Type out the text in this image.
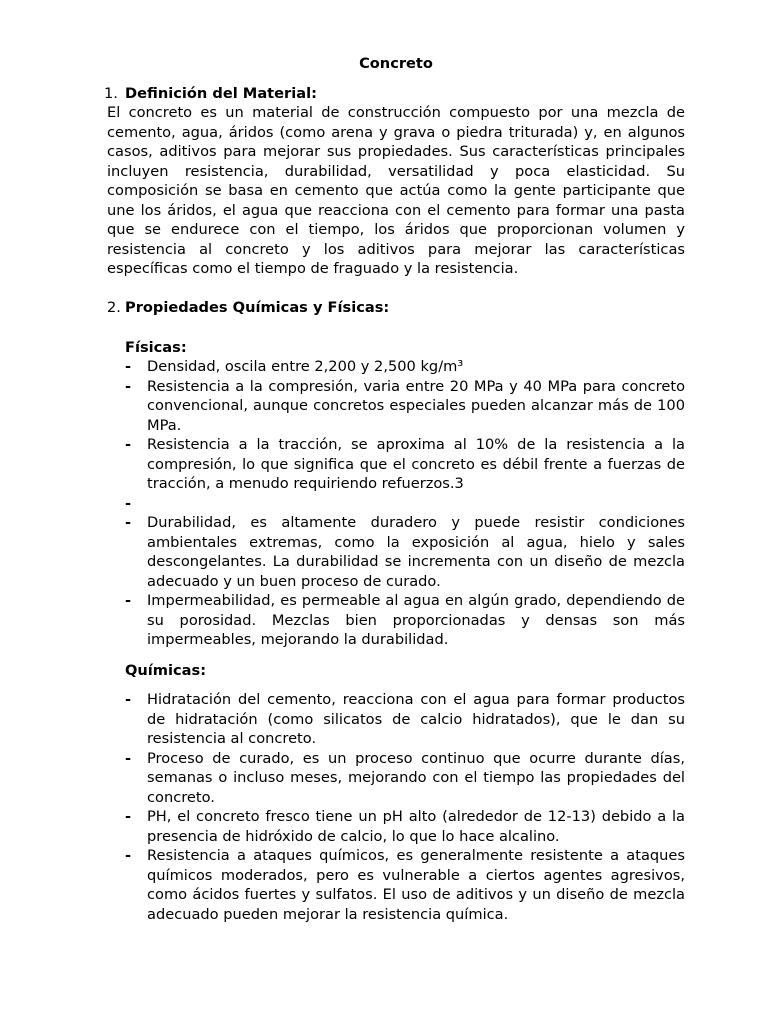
Concreto
1. Definición del Material:
El concreto es un material de construcción compuesto por una mezcla de cemento, agua, áridos (como arena y grava o piedra triturada) y, en algunos casos, aditivos para mejorar sus propiedades. Sus características principales incluyen resistencia, durabilidad, versatilidad y poca elasticidad. Su composición se basa en cemento que actúa como la gente participante que une los áridos, el agua que reacciona con el cemento para formar una pasta que se endurece con el tiempo, los áridos que proporcionan volumen y resistencia al concreto y los aditivos para mejorar las características específicas como el tiempo de fraguado y la resistencia.
2. Propiedades Químicas y Físicas:
Físicas:
- Densidad, oscila entre 2,200 y 2,500 kg/m³
- Resistencia a la compresión, varia entre 20 MPa y 40 MPa para concreto convencional, aunque concretos especiales pueden alcanzar más de 100 MPa.
- Resistencia a la tracción, se aproxima al 10% de la resistencia a la compresión, lo que significa que el concreto es débil frente a fuerzas de tracción, a menudo requiriendo refuerzos.3
-
- Durabilidad, es altamente duradero y puede resistir condiciones ambientales extremas, como la exposición al agua, hielo y sales descongelantes. La durabilidad se incrementa con un diseño de mezcla adecuado y un buen proceso de curado.
- Impermeabilidad, es permeable al agua en algún grado, dependiendo de su porosidad. Mezclas bien proporcionadas y densas son más impermeables, mejorando la durabilidad.
Químicas:
- Hidratación del cemento, reacciona con el agua para formar productos de hidratación (como silicatos de calcio hidratados), que le dan su resistencia al concreto.
- Proceso de curado, es un proceso continuo que ocurre durante días, semanas o incluso meses, mejorando con el tiempo las propiedades del concreto.
- PH, el concreto fresco tiene un pH alto (alrededor de 12-13) debido a la presencia de hidróxido de calcio, lo que lo hace alcalino.
- Resistencia a ataques químicos, es generalmente resistente a ataques químicos moderados, pero es vulnerable a ciertos agentes agresivos, como ácidos fuertes y sulfatos. El uso de aditivos y un diseño de mezcla adecuado pueden mejorar la resistencia química.
